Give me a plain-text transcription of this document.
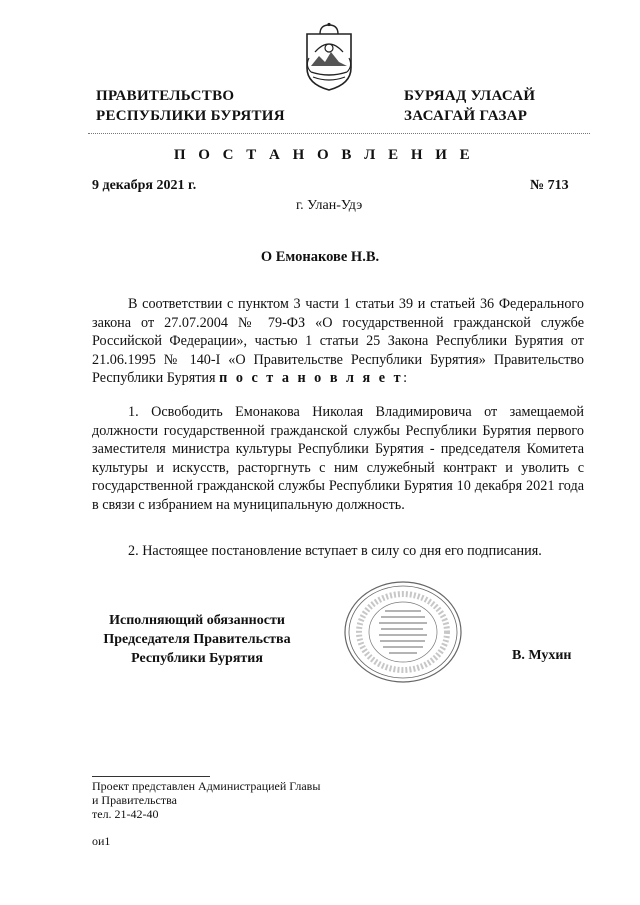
ПРАВИТЕЛЬСТВО
РЕСПУБЛИКИ БУРЯТИЯ
БУРЯАД УЛАСАЙ
ЗАСАГАЙ ГАЗАР
П О С Т А Н О В Л Е Н И Е
9 декабря 2021 г.	№ 713
г. Улан-Удэ
О Емонакове Н.В.
В соответствии с пунктом 3 части 1 статьи 39 и статьей 36 Федерального закона от 27.07.2004 № 79-ФЗ «О государственной гражданской службе Российской Федерации», частью 1 статьи 25 Закона Республики Бурятия от 21.06.1995 № 140-I «О Правительстве Республики Бурятия» Правительство Республики Бурятия п о с т а н о в л я е т:
1. Освободить Емонакова Николая Владимировича от замещаемой должности государственной гражданской службы Республики Бурятия первого заместителя министра культуры Республики Бурятия - председателя Комитета культуры и искусств, расторгнуть с ним служебный контракт и уволить с государственной гражданской службы Республики Бурятия 10 декабря 2021 года в связи с избранием на муниципальную должность.
2. Настоящее постановление вступает в силу со дня его подписания.
Исполняющий обязанности
Председателя Правительства
Республики Бурятия	В. Мухин
Проект представлен Администрацией Главы
и Правительства
тел. 21-42-40
ои1
